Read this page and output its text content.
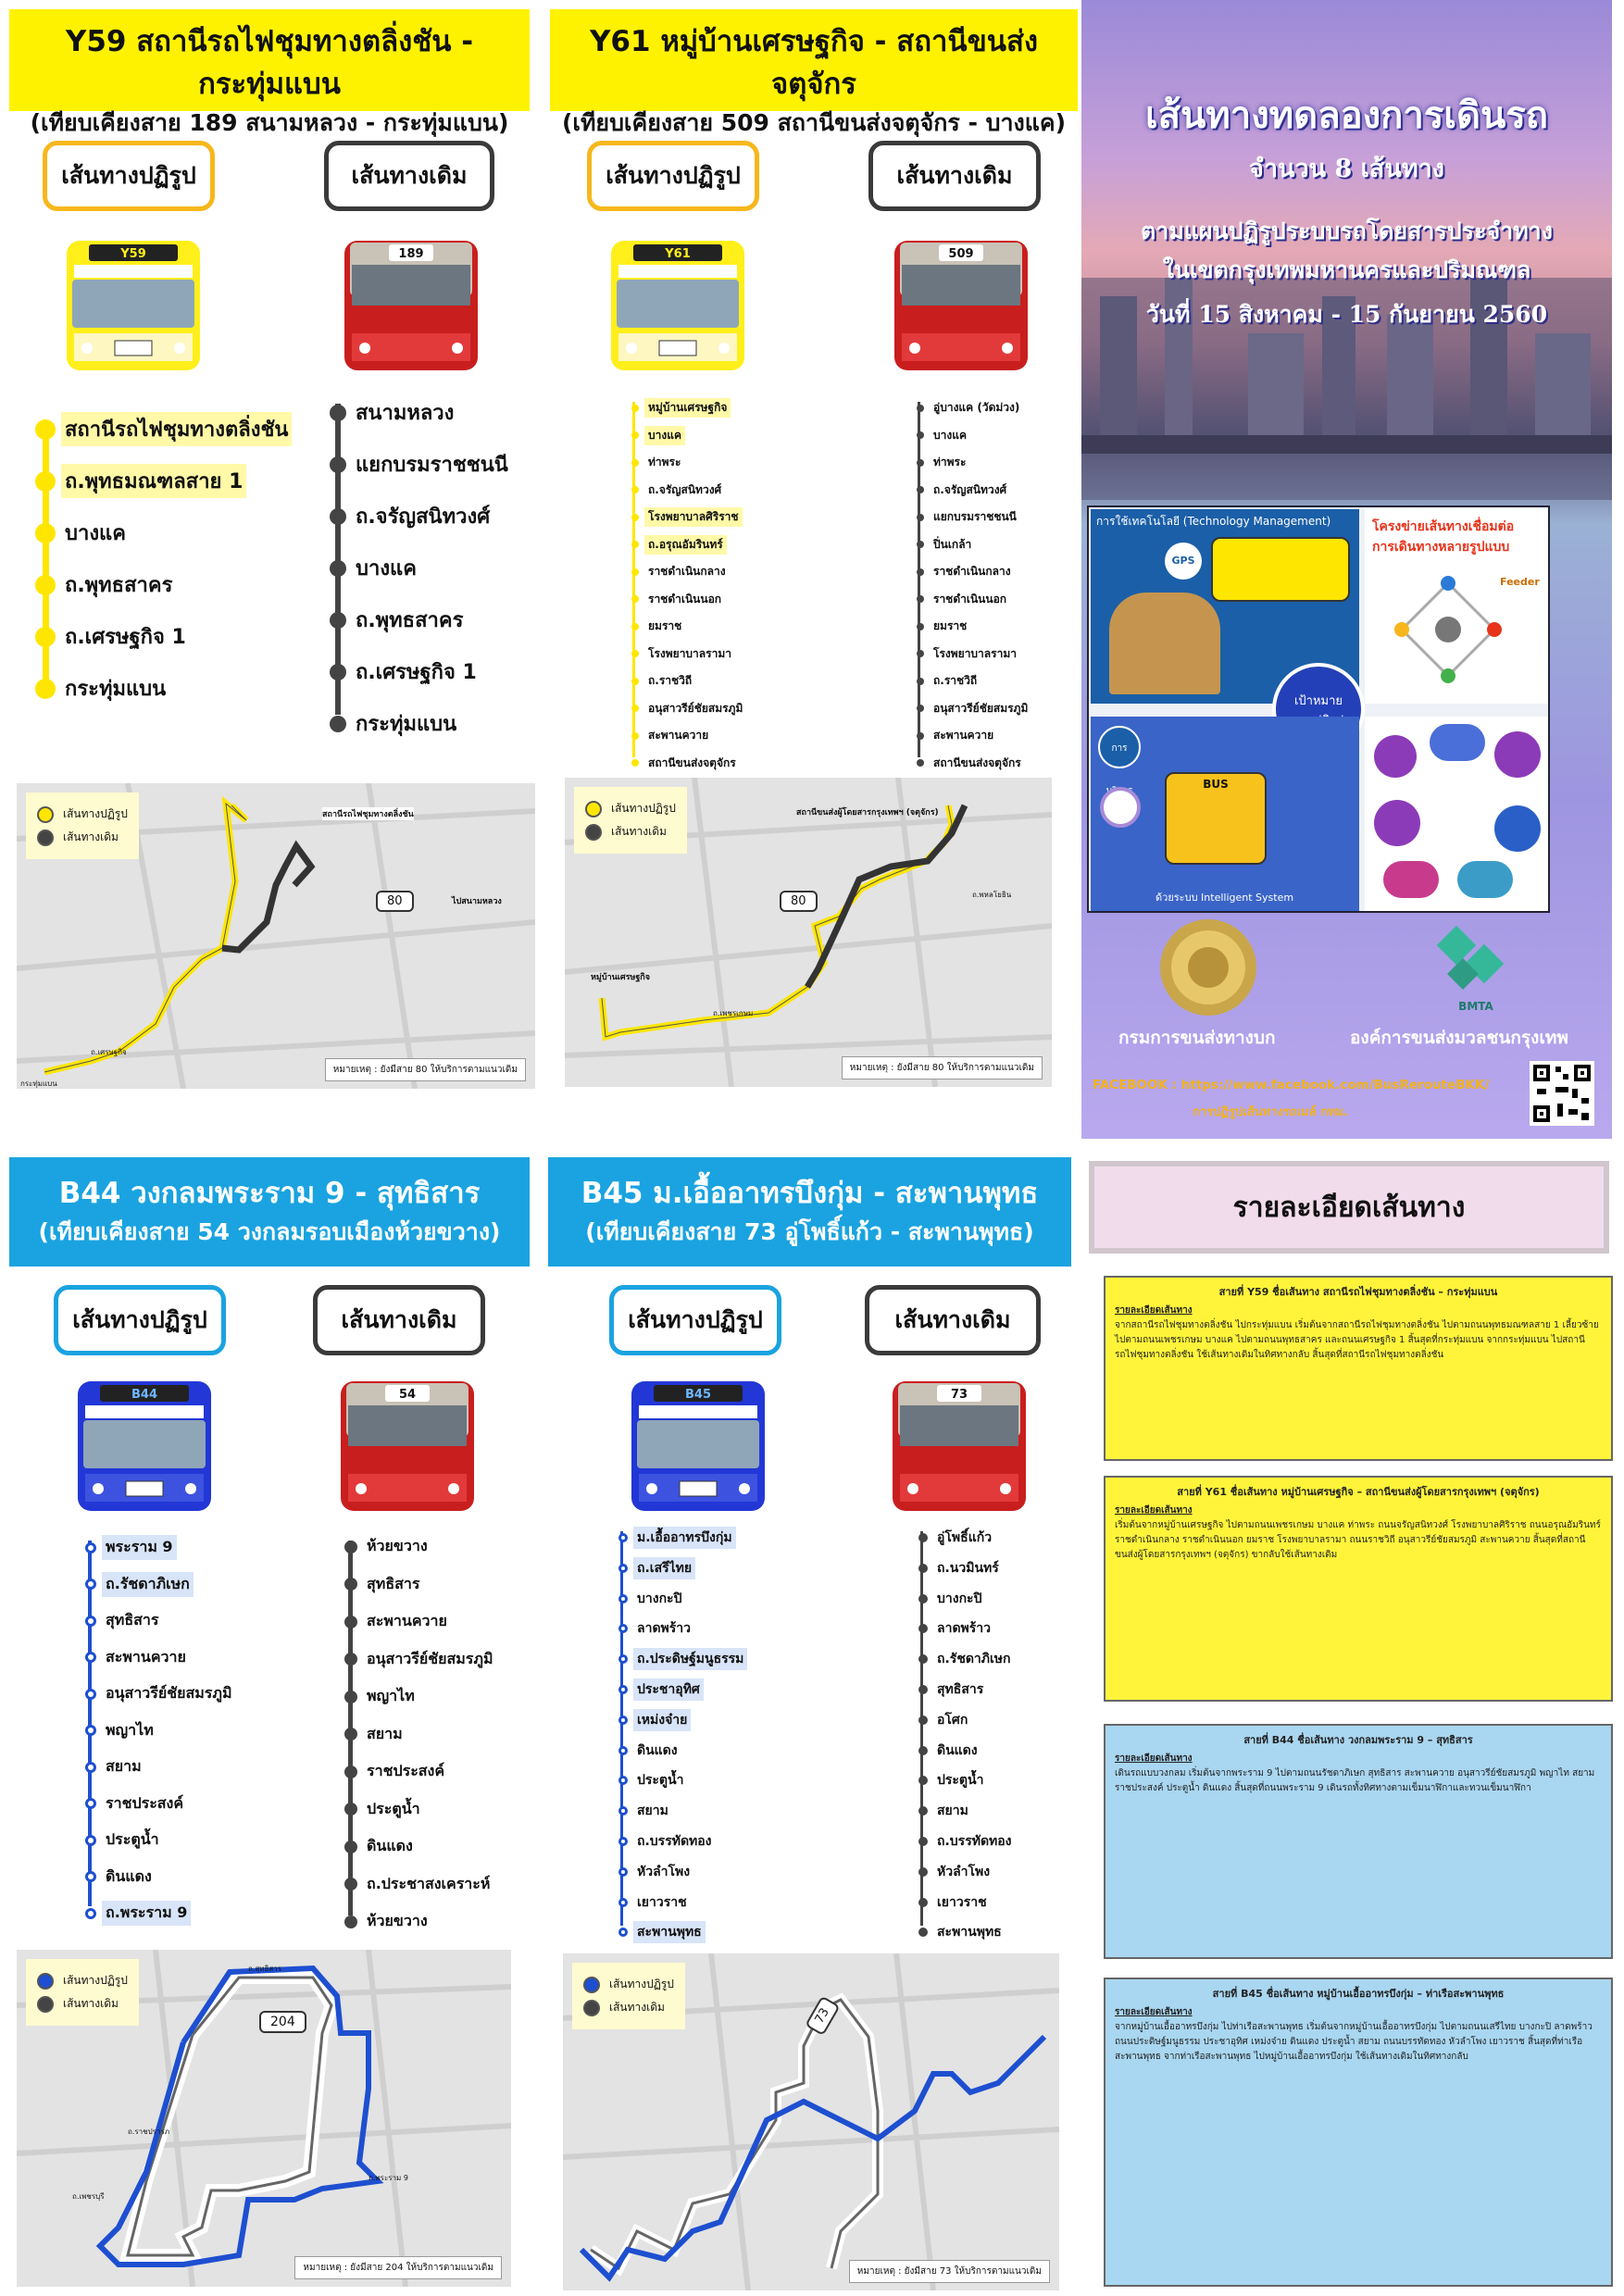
Y59 สถานีรถไฟชุมทางตลิ่งชัน - กระทุ่มแบน
(เทียบเคียงสาย 189 สนามหลวง - กระทุ่มแบน)
Y61 หมู่บ้านเศรษฐกิจ - สถานีขนส่งจตุจักร
(เทียบเคียงสาย 509 สถานีขนส่งจตุจักร - บางแค)
B44 วงกลมพระราม 9 - สุทธิสาร
(เทียบเคียงสาย 54 วงกลมรอบเมืองห้วยขวาง)
B45 ม.เอื้ออาทรบึงกุ่ม - สะพานพุทธ
(เทียบเคียงสาย 73 อู่โพธิ์แก้ว - สะพานพุทธ)
เส้นทางปฏิรูป	เส้นทางเดิม	เส้นทางปฏิรูป	เส้นทางเดิม
เส้นทางปฏิรูป	เส้นทางเดิม	เส้นทางปฏิรูป	เส้นทางเดิม
Y59	189	Y61	509
B44	54	B45	73
สถานีรถไฟชุมทางตลิ่งชัน
ถ.พุทธมณฑลสาย 1
บางแค
ถ.พุทธสาคร
ถ.เศรษฐกิจ 1
กระทุ่มแบน
สนามหลวง
แยกบรมราชชนนี
ถ.จรัญสนิทวงศ์
บางแค
ถ.พุทธสาคร
ถ.เศรษฐกิจ 1
กระทุ่มแบน
หมู่บ้านเศรษฐกิจ
บางแค
ท่าพระ
ถ.จรัญสนิทวงศ์
โรงพยาบาลศิริราช
ถ.อรุณอัมรินทร์
ราชดำเนินกลาง
ราชดำเนินนอก
ยมราช
โรงพยาบาลรามา
ถ.ราชวิถี
อนุสาวรีย์ชัยสมรภูมิ
สะพานควาย
สถานีขนส่งจตุจักร
อู่บางแค (วัดม่วง)
บางแค
ท่าพระ
ถ.จรัญสนิทวงศ์
แยกบรมราชชนนี
ปิ่นเกล้า
ราชดำเนินกลาง
ราชดำเนินนอก
ยมราช
โรงพยาบาลรามา
ถ.ราชวิถี
อนุสาวรีย์ชัยสมรภูมิ
สะพานควาย
สถานีขนส่งจตุจักร
พระราม 9
ถ.รัชดาภิเษก
สุทธิสาร
สะพานควาย
อนุสาวรีย์ชัยสมรภูมิ
พญาไท
สยาม
ราชประสงค์
ประตูน้ำ
ดินแดง
ถ.พระราม 9
ห้วยขวาง
สุทธิสาร
สะพานควาย
อนุสาวรีย์ชัยสมรภูมิ
พญาไท
สยาม
ราชประสงค์
ประตูน้ำ
ดินแดง
ถ.ประชาสงเคราะห์
ห้วยขวาง
ม.เอื้ออาทรบึงกุ่ม
ถ.เสรีไทย
บางกะปิ
ลาดพร้าว
ถ.ประดิษฐ์มนูธรรม
ประชาอุทิศ
เหม่งจ๋าย
ดินแดง
ประตูน้ำ
สยาม
ถ.บรรทัดทอง
หัวลำโพง
เยาวราช
สะพานพุทธ
อู่โพธิ์แก้ว
ถ.นวมินทร์
บางกะปิ
ลาดพร้าว
ถ.รัชดาภิเษก
สุทธิสาร
อโศก
ดินแดง
ประตูน้ำ
สยาม
ถ.บรรทัดทอง
หัวลำโพง
เยาวราช
สะพานพุทธ
เส้นทางปฏิรูป
เส้นทางเดิม
80
สถานีรถไฟชุมทางตลิ่งชัน
ไปสนามหลวง
ถ.เศรษฐกิจ
กระทุ่มแบน
หมายเหตุ : ยังมีสาย 80 ให้บริการตามแนวเดิม
เส้นทางปฏิรูป
เส้นทางเดิม
80
สถานีขนส่งผู้โดยสารกรุงเทพฯ (จตุจักร)
หมู่บ้านเศรษฐกิจ
ถ.เพชรเกษม
ถ.พหลโยธิน
หมายเหตุ : ยังมีสาย 80 ให้บริการตามแนวเดิม
เส้นทางปฏิรูป
เส้นทางเดิม
204
ถ.สุทธิสาร
ถ.พระราม 9
ถ.เพชรบุรี
ถ.ราชปรารภ
หมายเหตุ : ยังมีสาย 204 ให้บริการตามแนวเดิม
เส้นทางปฏิรูป
เส้นทางเดิม	73
หมายเหตุ : ยังมีสาย 73 ให้บริการตามแนวเดิม
เส้นทางทดลองการเดินรถ
จำนวน 8 เส้นทาง
ตามแผนปฏิรูประบบรถโดยสารประจำทาง
ในเขตกรุงเทพมหานครและปริมณฑล
วันที่ 15 สิงหาคม - 15 กันยายน 2560
การใช้เทคโนโลยี (Technology Management)
GPS
โครงข่ายเส้นทางเชื่อมต่อ
การเดินทางหลายรูปแบบ
Feeder
เป้าหมาย
การ
BUS
ด้วยระบบ Intelligent System
BMTA
กรมการขนส่งทางบก	องค์การขนส่งมวลชนกรุงเทพ
FACEBOOK : https://www.facebook.com/BusRerouteBKK/
การปฏิรูปเส้นทางรถเมล์ กทม.
รายละเอียดเส้นทาง
สายที่ Y59 ชื่อเส้นทาง สถานีรถไฟชุมทางตลิ่งชัน – กระทุ่มแบน
รายละเอียดเส้นทาง
จากสถานีรถไฟชุมทางตลิ่งชัน ไปกระทุ่มแบน เริ่มต้นจากสถานีรถไฟชุมทางตลิ่งชัน ไปตามถนนพุทธมณฑลสาย 1 เลี้ยวซ้ายไปตามถนนเพชรเกษม บางแค ไปตามถนนพุทธสาคร และถนนเศรษฐกิจ 1 สิ้นสุดที่กระทุ่มแบน จากกระทุ่มแบน ไปสถานีรถไฟชุมทางตลิ่งชัน ใช้เส้นทางเดิมในทิศทางกลับ สิ้นสุดที่สถานีรถไฟชุมทางตลิ่งชัน
สายที่ Y61 ชื่อเส้นทาง หมู่บ้านเศรษฐกิจ – สถานีขนส่งผู้โดยสารกรุงเทพฯ (จตุจักร)
รายละเอียดเส้นทาง
เริ่มต้นจากหมู่บ้านเศรษฐกิจ ไปตามถนนเพชรเกษม บางแค ท่าพระ ถนนจรัญสนิทวงศ์ โรงพยาบาลศิริราช ถนนอรุณอัมรินทร์ ราชดำเนินกลาง ราชดำเนินนอก ยมราช โรงพยาบาลรามา ถนนราชวิถี อนุสาวรีย์ชัยสมรภูมิ สะพานควาย สิ้นสุดที่สถานีขนส่งผู้โดยสารกรุงเทพฯ (จตุจักร) ขากลับใช้เส้นทางเดิม
สายที่ B44 ชื่อเส้นทาง วงกลมพระราม 9 – สุทธิสาร
รายละเอียดเส้นทาง
เดินรถแบบวงกลม เริ่มต้นจากพระราม 9 ไปตามถนนรัชดาภิเษก สุทธิสาร สะพานควาย อนุสาวรีย์ชัยสมรภูมิ พญาไท สยาม ราชประสงค์ ประตูน้ำ ดินแดง สิ้นสุดที่ถนนพระราม 9 เดินรถทั้งทิศทางตามเข็มนาฬิกาและทวนเข็มนาฬิกา
สายที่ B45 ชื่อเส้นทาง หมู่บ้านเอื้ออาทรบึงกุ่ม – ท่าเรือสะพานพุทธ
รายละเอียดเส้นทาง
จากหมู่บ้านเอื้ออาทรบึงกุ่ม ไปท่าเรือสะพานพุทธ เริ่มต้นจากหมู่บ้านเอื้ออาทรบึงกุ่ม ไปตามถนนเสรีไทย บางกะปิ ลาดพร้าว ถนนประดิษฐ์มนูธรรม ประชาอุทิศ เหม่งจ๋าย ดินแดง ประตูน้ำ สยาม ถนนบรรทัดทอง หัวลำโพง เยาวราช สิ้นสุดที่ท่าเรือสะพานพุทธ จากท่าเรือสะพานพุทธ ไปหมู่บ้านเอื้ออาทรบึงกุ่ม ใช้เส้นทางเดิมในทิศทางกลับ
